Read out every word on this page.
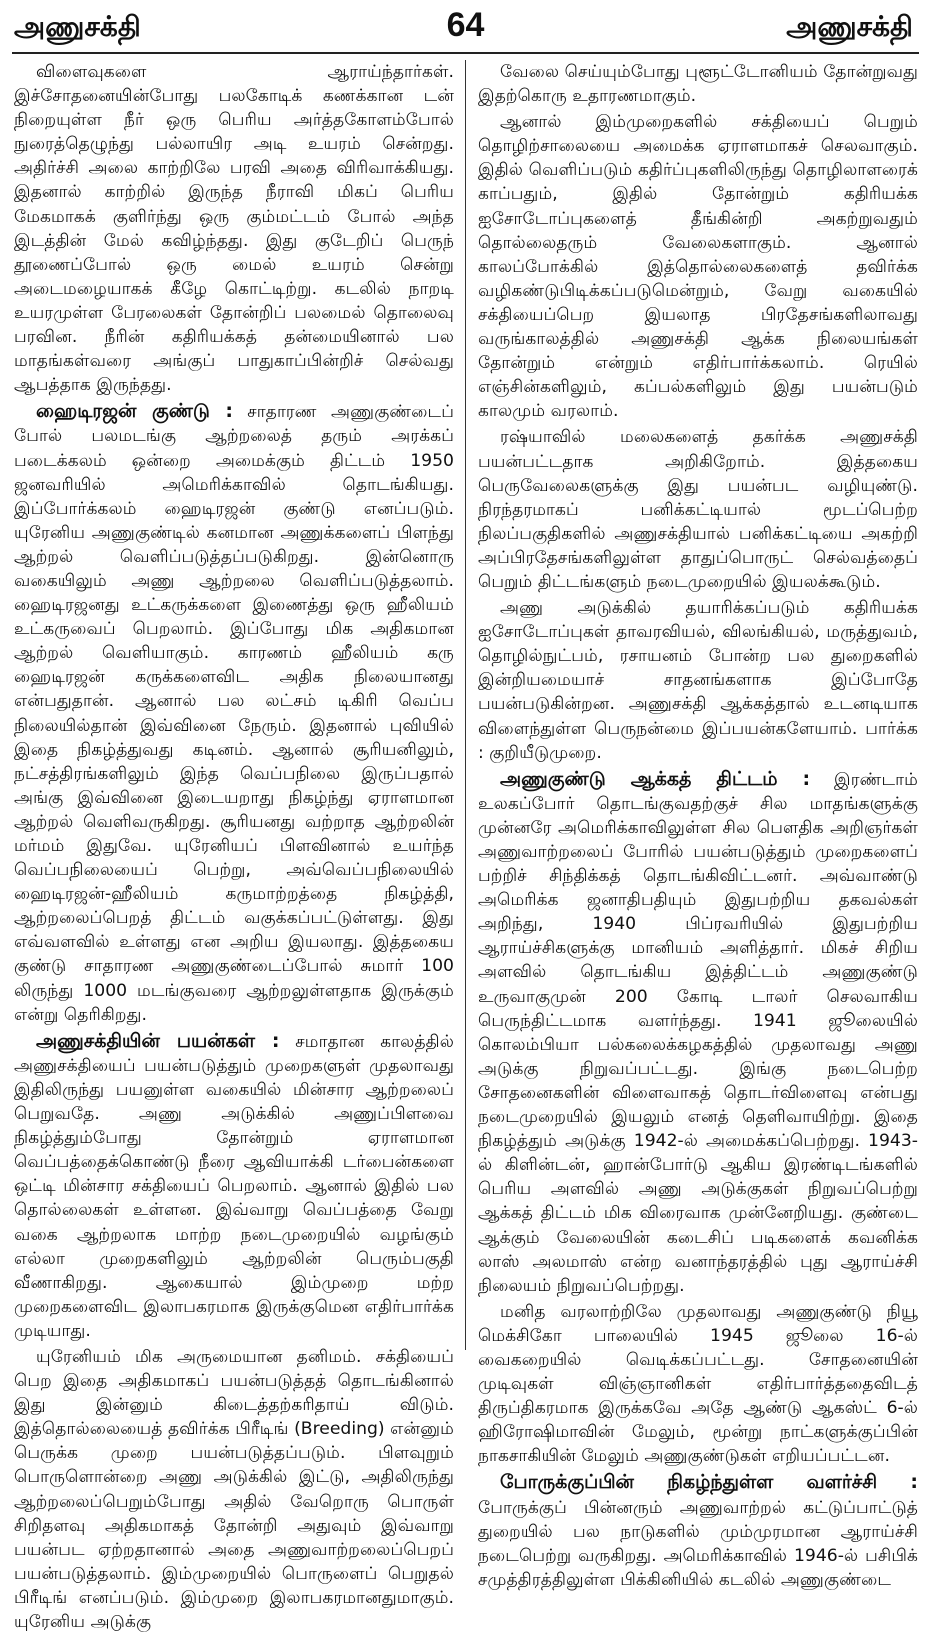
அணுசக்தி	64	அணுசக்தி

விளைவுகளை ஆராய்ந்தார்கள். இச்சோதனையின்போது பலகோடிக் கணக்கான டன் நிறையுள்ள நீர் ஒரு பெரிய அர்த்தகோளம்போல் நுரைத்தெழுந்து பல்லாயிர அடி உயரம் சென்றது. அதிர்ச்சி அலை காற்றிலே பரவி அதை விரிவாக்கியது. இதனால் காற்றில் இருந்த நீராவி மிகப் பெரிய மேகமாகக் குளிர்ந்து ஒரு கும்மட்டம் போல் அந்த இடத்தின் மேல் கவிழ்ந்தது. இது குடேறிப் பெருந் தூணைப்போல் ஒரு மைல் உயரம் சென்று அடைமழையாகக் கீழே கொட்டிற்று. கடலில் நாறடி உயரமுள்ள பேரலைகள் தோன்றிப் பலமைல் தொலைவு பரவின. நீரின் கதிரியக்கத் தன்மையினால் பல மாதங்கள்வரை அங்குப் பாதுகாப்பின்றிச் செல்வது ஆபத்தாக இருந்தது.

ஹைடிரஜன் குண்டு : சாதாரண அணுகுண்டைப் போல் பலமடங்கு ஆற்றலைத் தரும் அரக்கப் படைக்கலம் ஒன்றை அமைக்கும் திட்டம் 1950 ஜனவரியில் அமெரிக்காவில் தொடங்கியது. இப்போர்க்கலம் ஹைடிரஜன் குண்டு எனப்படும். யுரேனிய அணுகுண்டில் கனமான அணுக்களைப் பிளந்து ஆற்றல் வெளிப்படுத்தப்படுகிறது. இன்னொரு வகையிலும் அணு ஆற்றலை வெளிப்படுத்தலாம். ஹைடிரஜனது உட்கருக்களை இணைத்து ஒரு ஹீலியம் உட்கருவைப் பெறலாம். இப்போது மிக அதிகமான ஆற்றல் வெளியாகும். காரணம் ஹீலியம் கரு ஹைடிரஜன் கருக்களைவிட அதிக நிலையானது என்பதுதான். ஆனால் பல லட்சம் டிகிரி வெப்ப நிலையில்தான் இவ்வினை நேரும். இதனால் புவியில் இதை நிகழ்த்துவது கடினம். ஆனால் சூரியனிலும், நட்சத்திரங்களிலும் இந்த வெப்பநிலை இருப்பதால் அங்கு இவ்வினை இடையறாது நிகழ்ந்து ஏராளமான ஆற்றல் வெளிவருகிறது. சூரியனது வற்றாத ஆற்றலின் மர்மம் இதுவே. யுரேனியப் பிளவினால் உயர்ந்த வெப்பநிலையைப் பெற்று, அவ்வெப்பநிலையில் ஹைடிரஜன்-ஹீலியம் கருமாற்றத்தை நிகழ்த்தி, ஆற்றலைப்பெறத் திட்டம் வகுக்கப்பட்டுள்ளது. இது எவ்வளவில் உள்ளது என அறிய இயலாது. இத்தகைய குண்டு சாதாரண அணுகுண்டைப்போல் சுமார் 100 லிருந்து 1000 மடங்குவரை ஆற்றலுள்ளதாக இருக்கும் என்று தெரிகிறது.

அணுசக்தியின் பயன்கள் : சமாதான காலத்தில் அணுசக்தியைப் பயன்படுத்தும் முறைகளுள் முதலாவது இதிலிருந்து பயனுள்ள வகையில் மின்சார ஆற்றலைப் பெறுவதே. அணு அடுக்கில் அணுப்பிளவை நிகழ்த்தும்போது தோன்றும் ஏராளமான வெப்பத்தைக்கொண்டு நீரை ஆவியாக்கி டர்பைன்களை ஒட்டி மின்சார சக்தியைப் பெறலாம். ஆனால் இதில் பல தொல்லைகள் உள்ளன. இவ்வாறு வெப்பத்தை வேறு வகை ஆற்றலாக மாற்ற நடைமுறையில் வழங்கும் எல்லா முறைகளிலும் ஆற்றலின் பெரும்பகுதி வீணாகிறது. ஆகையால் இம்முறை மற்ற முறைகளைவிட இலாபகரமாக இருக்குமென எதிர்பார்க்க முடியாது.

யுரேனியம் மிக அருமையான தனிமம். சக்தியைப் பெற இதை அதிகமாகப் பயன்படுத்தத் தொடங்கினால் இது இன்னும் கிடைத்தற்கரிதாய் விடும். இத்தொல்லையைத் தவிர்க்க பிரீடிங் (Breeding) என்னும் பெருக்க முறை பயன்படுத்தப்படும். பிளவுறும் பொருளொன்றை அணு அடுக்கில் இட்டு, அதிலிருந்து ஆற்றலைப்பெறும்போது அதில் வேறொரு பொருள் சிறிதளவு அதிகமாகத் தோன்றி அதுவும் இவ்வாறு பயன்பட ஏற்றதானால் அதை அணுவாற்றலைப்பெறப் பயன்படுத்தலாம். இம்முறையில் பொருளைப் பெறுதல் பிரீடிங் எனப்படும். இம்முறை இலாபகரமானதுமாகும். யுரேனிய அடுக்கு

வேலை செய்யும்போது புளூட்டோனியம் தோன்றுவது இதற்கொரு உதாரணமாகும்.

ஆனால் இம்முறைகளில் சக்தியைப் பெறும் தொழிற்சாலையை அமைக்க ஏராளமாகச் செலவாகும். இதில் வெளிப்படும் கதிர்ப்புகளிலிருந்து தொழிலாளரைக் காப்பதும், இதில் தோன்றும் கதிரியக்க ஐசோடோப்புகளைத் தீங்கின்றி அகற்றுவதும் தொல்லைதரும் வேலைகளாகும். ஆனால் காலப்போக்கில் இத்தொல்லைகளைத் தவிர்க்க வழிகண்டுபிடிக்கப்படுமென்றும், வேறு வகையில் சக்தியைப்பெற இயலாத பிரதேசங்களிலாவது வருங்காலத்தில் அணுசக்தி ஆக்க நிலையங்கள் தோன்றும் என்றும் எதிர்பார்க்கலாம். ரெயில் எஞ்சின்களிலும், கப்பல்களிலும் இது பயன்படும் காலமும் வரலாம்.

ரஷ்யாவில் மலைகளைத் தகர்க்க அணுசக்தி பயன்பட்டதாக அறிகிறோம். இத்தகைய பெருவேலைகளுக்கு இது பயன்பட வழியுண்டு. நிரந்தரமாகப் பனிக்கட்டியால் மூடப்பெற்ற நிலப்பகுதிகளில் அணுசக்தியால் பனிக்கட்டியை அகற்றி அப்பிரதேசங்களிலுள்ள தாதுப்பொருட் செல்வத்தைப் பெறும் திட்டங்களும் நடைமுறையில் இயலக்கூடும்.

அணு அடுக்கில் தயாரிக்கப்படும் கதிரியக்க ஐசோடோப்புகள் தாவரவியல், விலங்கியல், மருத்துவம், தொழில்நுட்பம், ரசாயனம் போன்ற பல துறைகளில் இன்றியமையாச் சாதனங்களாக இப்போதே பயன்படுகின்றன. அணுசக்தி ஆக்கத்தால் உடனடியாக விளைந்துள்ள பெருநன்மை இப்பயன்களேயாம். பார்க்க : குறியீடுமுறை.

அணுகுண்டு ஆக்கத் திட்டம் : இரண்டாம் உலகப்போர் தொடங்குவதற்குச் சில மாதங்களுக்கு முன்னரே அமெரிக்காவிலுள்ள சில பௌதிக அறிஞர்கள் அணுவாற்றலைப் போரில் பயன்படுத்தும் முறைகளைப் பற்றிச் சிந்திக்கத் தொடங்கிவிட்டனர். அவ்வாண்டு அமெரிக்க ஜனாதிபதியும் இதுபற்றிய தகவல்கள் அறிந்து, 1940 பிப்ரவரியில் இதுபற்றிய ஆராய்ச்சிகளுக்கு மானியம் அளித்தார். மிகச் சிறிய அளவில் தொடங்கிய இத்திட்டம் அணுகுண்டு உருவாகுமுன் 200 கோடி டாலர் செலவாகிய பெருந்திட்டமாக வளர்ந்தது. 1941 ஜூலையில் கொலம்பியா பல்கலைக்கழகத்தில் முதலாவது அணு அடுக்கு நிறுவப்பட்டது. இங்கு நடைபெற்ற சோதனைகளின் விளைவாகத் தொடர்விளைவு என்பது நடைமுறையில் இயலும் எனத் தெளிவாயிற்று. இதை நிகழ்த்தும் அடுக்கு 1942-ல் அமைக்கப்பெற்றது. 1943-ல் கிளின்டன், ஹான்போர்டு ஆகிய இரண்டிடங்களில் பெரிய அளவில் அணு அடுக்குகள் நிறுவப்பெற்று ஆக்கத் திட்டம் மிக விரைவாக முன்னேறியது. குண்டை ஆக்கும் வேலையின் கடைசிப் படிகளைக் கவனிக்க லாஸ் அலமாஸ் என்ற வனாந்தரத்தில் புது ஆராய்ச்சி நிலையம் நிறுவப்பெற்றது.

மனித வரலாற்றிலே முதலாவது அணுகுண்டு நியூ மெக்சிகோ பாலையில் 1945 ஜூலை 16-ல் வைகறையில் வெடிக்கப்பட்டது. சோதனையின் முடிவுகள் விஞ்ஞானிகள் எதிர்பார்த்ததைவிடத் திருப்திகரமாக இருக்கவே அதே ஆண்டு ஆகஸ்ட் 6-ல் ஹிரோஷிமாவின் மேலும், மூன்று நாட்களுக்குப்பின் நாகசாகியின் மேலும் அணுகுண்டுகள் எறியப்பட்டன.

போருக்குப்பின் நிகழ்ந்துள்ள வளர்ச்சி : போருக்குப் பின்னரும் அணுவாற்றல் கட்டுப்பாட்டுத் துறையில் பல நாடுகளில் மும்முரமான ஆராய்ச்சி நடைபெற்று வருகிறது. அமெரிக்காவில் 1946-ல் பசிபிக் சமுத்திரத்திலுள்ள பிக்கினியில் கடலில் அணுகுண்டை
